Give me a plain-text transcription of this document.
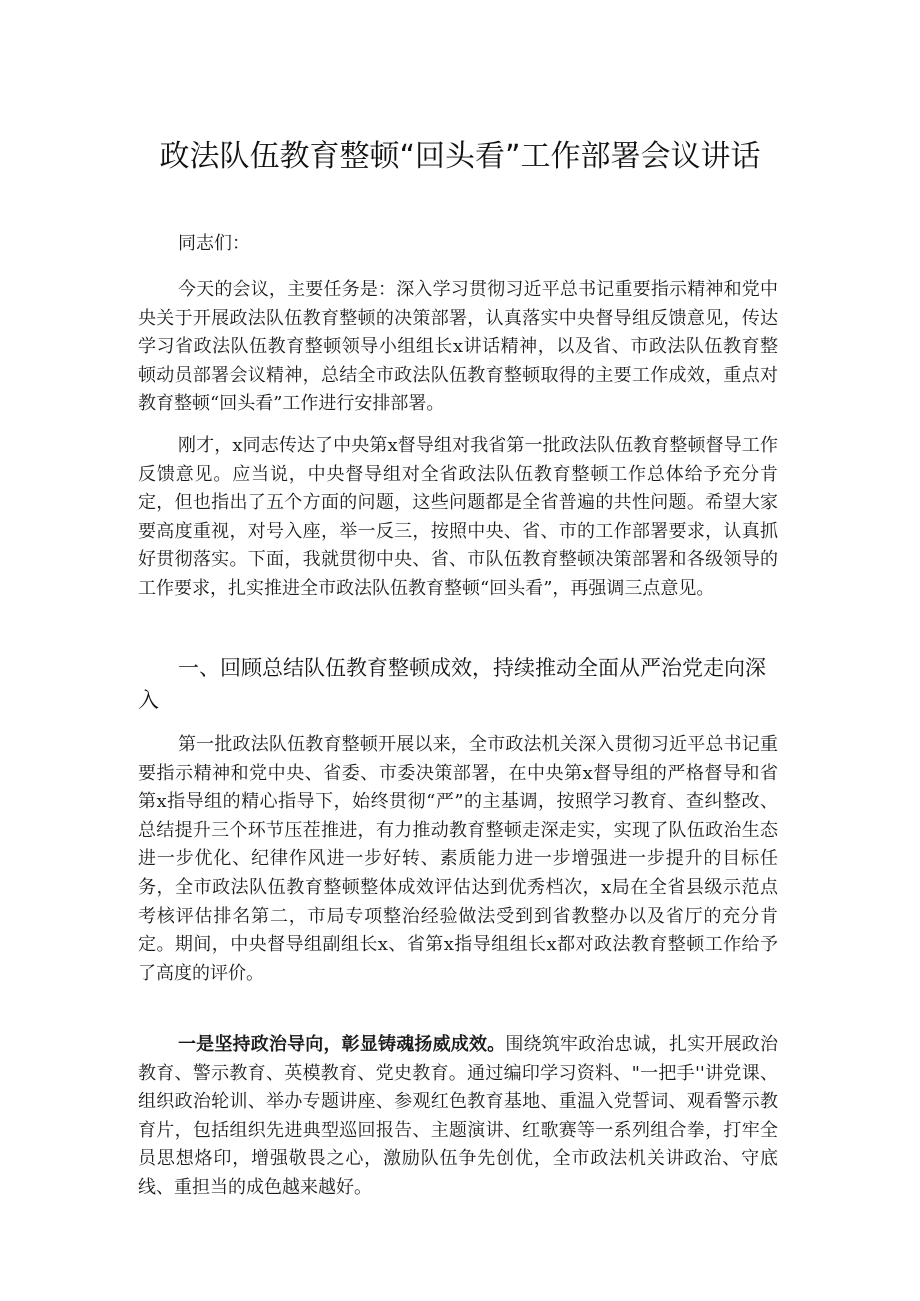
政法队伍教育整顿“回头看”工作部署会议讲话
同志们：

今天的会议，主要任务是：深入学习贯彻习近平总书记重要指示精神和党中央关于开展政法队伍教育整顿的决策部署，认真落实中央督导组反馈意见，传达学习省政法队伍教育整顿领导小组组长x讲话精神，以及省、市政法队伍教育整顿动员部署会议精神，总结全市政法队伍教育整顿取得的主要工作成效，重点对教育整顿“回头看”工作进行安排部署。

刚才，x同志传达了中央第x督导组对我省第一批政法队伍教育整顿督导工作反馈意见。应当说，中央督导组对全省政法队伍教育整顿工作总体给予充分肯定，但也指出了五个方面的问题，这些问题都是全省普遍的共性问题。希望大家要高度重视，对号入座，举一反三，按照中央、省、市的工作部署要求，认真抓好贯彻落实。下面，我就贯彻中央、省、市队伍教育整顿决策部署和各级领导的工作要求，扎实推进全市政法队伍教育整顿“回头看”，再强调三点意见。

一、回顾总结队伍教育整顿成效，持续推动全面从严治党走向深入

第一批政法队伍教育整顿开展以来，全市政法机关深入贯彻习近平总书记重要指示精神和党中央、省委、市委决策部署，在中央第x督导组的严格督导和省第x指导组的精心指导下，始终贯彻“严”的主基调，按照学习教育、查纠整改、总结提升三个环节压茬推进，有力推动教育整顿走深走实，实现了队伍政治生态进一步优化、纪律作风进一步好转、素质能力进一步增强进一步提升的目标任务，全市政法队伍教育整顿整体成效评估达到优秀档次，x局在全省县级示范点考核评估排名第二，市局专项整治经验做法受到到省教整办以及省厅的充分肯定。期间，中央督导组副组长x、省第x指导组组长x都对政法教育整顿工作给予了高度的评价。

一是坚持政治导向，彰显铸魂扬威成效。围绕筑牢政治忠诚，扎实开展政治教育、警示教育、英模教育、党史教育。通过编印学习资料、"一把手''讲党课、组织政治轮训、举办专题讲座、参观红色教育基地、重温入党誓词、观看警示教育片，包括组织先进典型巡回报告、主题演讲、红歌赛等一系列组合拳，打牢全员思想烙印，增强敬畏之心，激励队伍争先创优，全市政法机关讲政治、守底线、重担当的成色越来越好。
